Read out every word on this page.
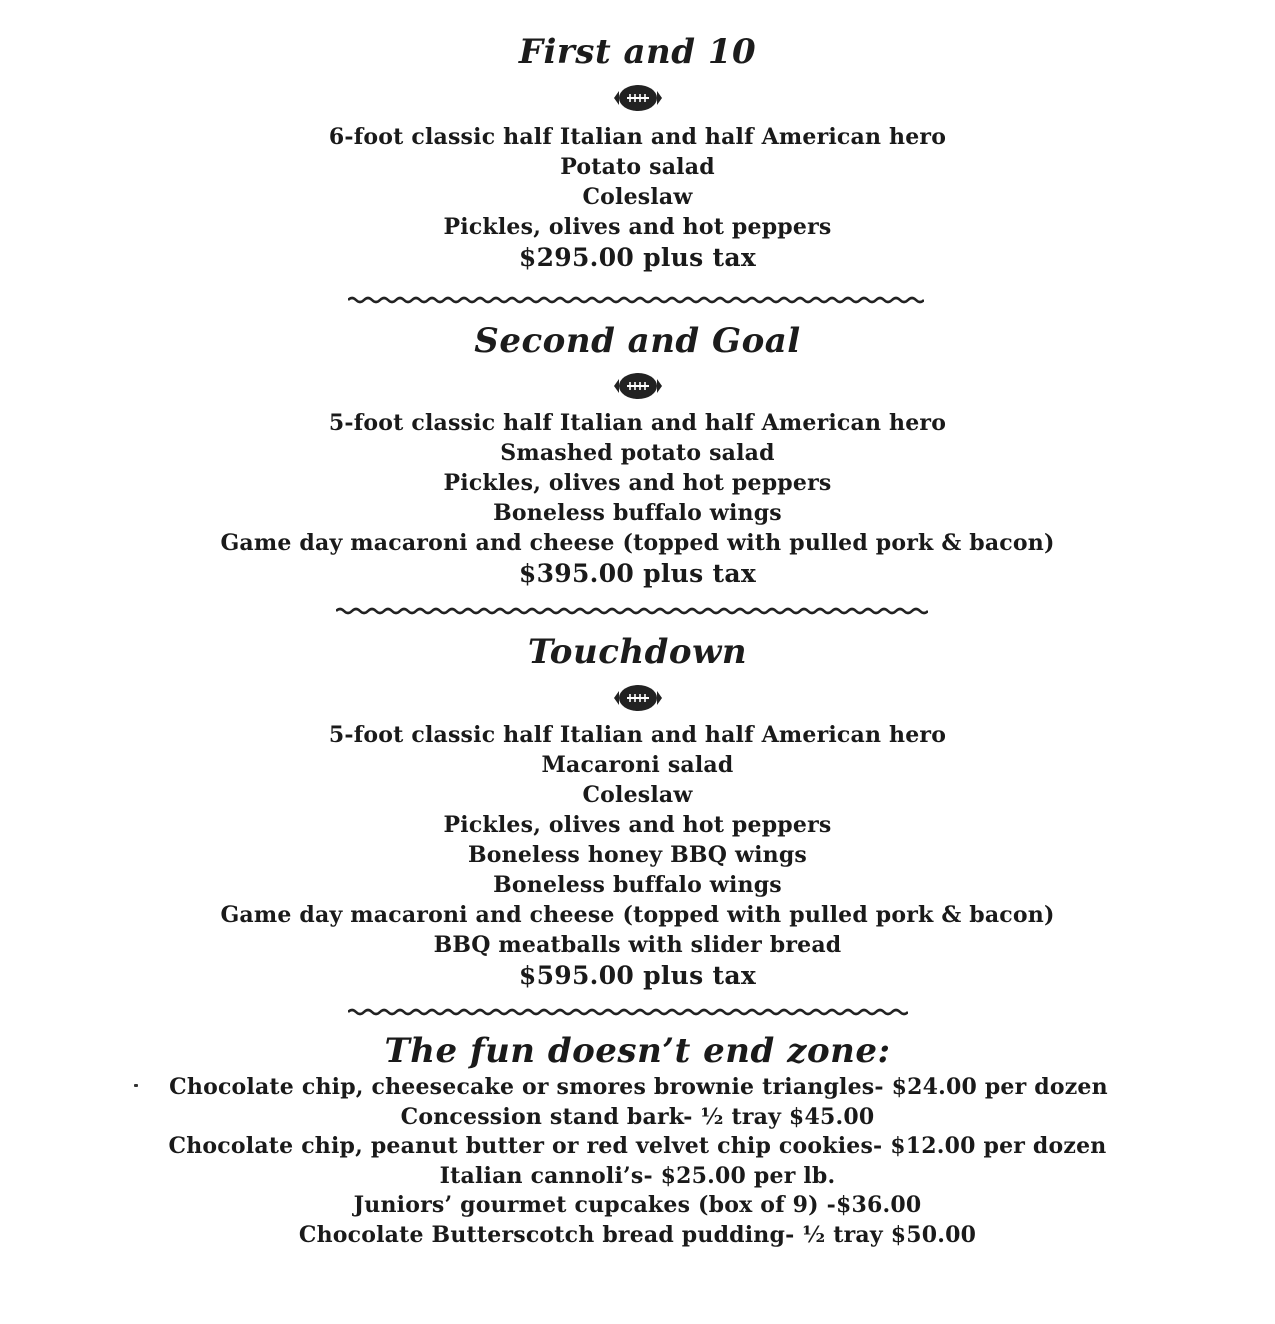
First and 10
6-foot classic half Italian and half American hero
Potato salad
Coleslaw
Pickles, olives and hot peppers
$295.00 plus tax
Second and Goal
5-foot classic half Italian and half American hero
Smashed potato salad
Pickles, olives and hot peppers
Boneless buffalo wings
Game day macaroni and cheese (topped with pulled pork & bacon)
$395.00 plus tax
Touchdown
5-foot classic half Italian and half American hero
Macaroni salad
Coleslaw
Pickles, olives and hot peppers
Boneless honey BBQ wings
Boneless buffalo wings
Game day macaroni and cheese (topped with pulled pork & bacon)
BBQ meatballs with slider bread
$595.00 plus tax
The fun doesn’t end zone:
Chocolate chip, cheesecake or smores brownie triangles- $24.00 per dozen
Concession stand bark- ½ tray $45.00
Chocolate chip, peanut butter or red velvet chip cookies- $12.00 per dozen
Italian cannoli’s- $25.00 per lb.
Juniors’ gourmet cupcakes (box of 9) -$36.00
Chocolate Butterscotch bread pudding- ½ tray $50.00
